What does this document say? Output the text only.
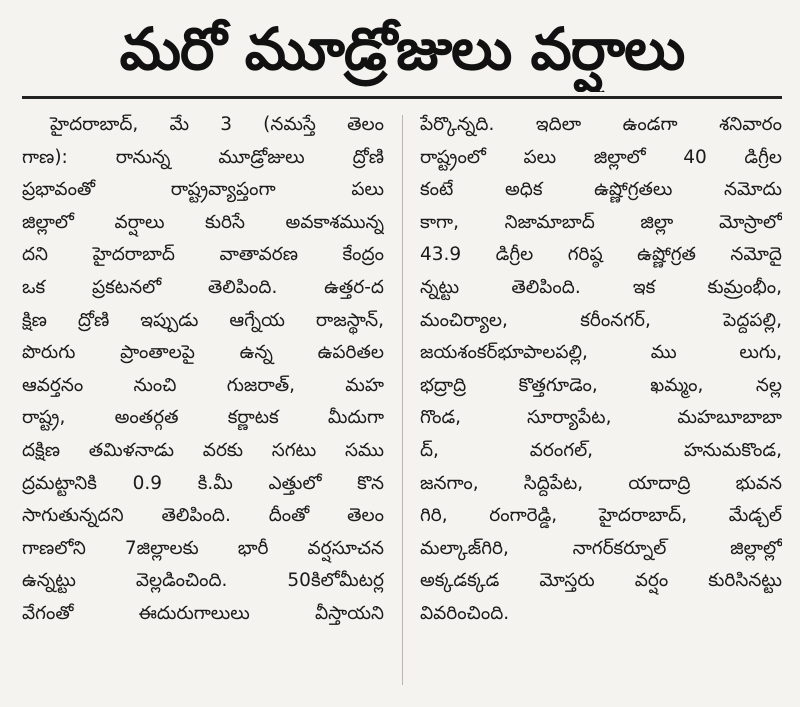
మరో మూడ్రోజులు వర్షాలు
హైదరాబాద్, మే 3 (నమస్తే తెలం
గాణ): రానున్న మూడ్రోజులు ద్రోణి
ప్రభావంతో రాష్ట్రవ్యాప్తంగా పలు
జిల్లాలో వర్షాలు కురిసే అవకాశమున్న
దని హైదరాబాద్ వాతావరణ కేంద్రం
ఒక ప్రకటనలో తెలిపింది. ఉత్తర-ద
క్షిణ ద్రోణి ఇప్పుడు ఆగ్నేయ రాజస్థాన్,
పొరుగు ప్రాంతాలపై ఉన్న ఉపరితల
ఆవర్తనం నుంచి గుజరాత్, మహ
రాష్ట్ర, అంతర్గత కర్ణాటక మీదుగా
దక్షిణ తమిళనాడు వరకు సగటు సము
ద్రమట్టానికి 0.9 కి.మీ ఎత్తులో కొన
సాగుతున్నదని తెలిపింది. దీంతో తెలం
గాణలోని 7జిల్లాలకు భారీ వర్షసూచన
ఉన్నట్టు వెల్లడించింది. 50కిలోమీటర్ల
వేగంతో ఈదురుగాలులు వీస్తాయని
పేర్కొన్నది. ఇదిలా ఉండగా శనివారం
రాష్ట్రంలో పలు జిల్లాలో 40 డిగ్రీల
కంటే అధిక ఉష్ణోగ్రతలు నమోదు
కాగా, నిజామాబాద్ జిల్లా మోస్రాలో
43.9 డిగ్రీల గరిష్ఠ ఉష్ణోగ్రత నమోదై
న్నట్టు తెలిపింది. ఇక కుమ్రంభీం,
మంచిర్యాల, కరీంనగర్, పెద్దపల్లి,
జయశంకర్‌భూపాలపల్లి, ము లుగు,
భద్రాద్రి కొత్తగూడెం, ఖమ్మం, నల్ల
గొండ, సూర్యాపేట, మహబూబాబా
ద్, వరంగల్, హనుమకొండ,
జనగాం, సిద్దిపేట, యాదాద్రి భువన
గిరి, రంగారెడ్డి, హైదరాబాద్, మేడ్చల్
మల్కాజ్‌గిరి, నాగర్‌కర్నూల్ జిల్లాల్లో
అక్కడక్కడ మోస్తరు వర్షం కురిసినట్టు
వివరించింది.
